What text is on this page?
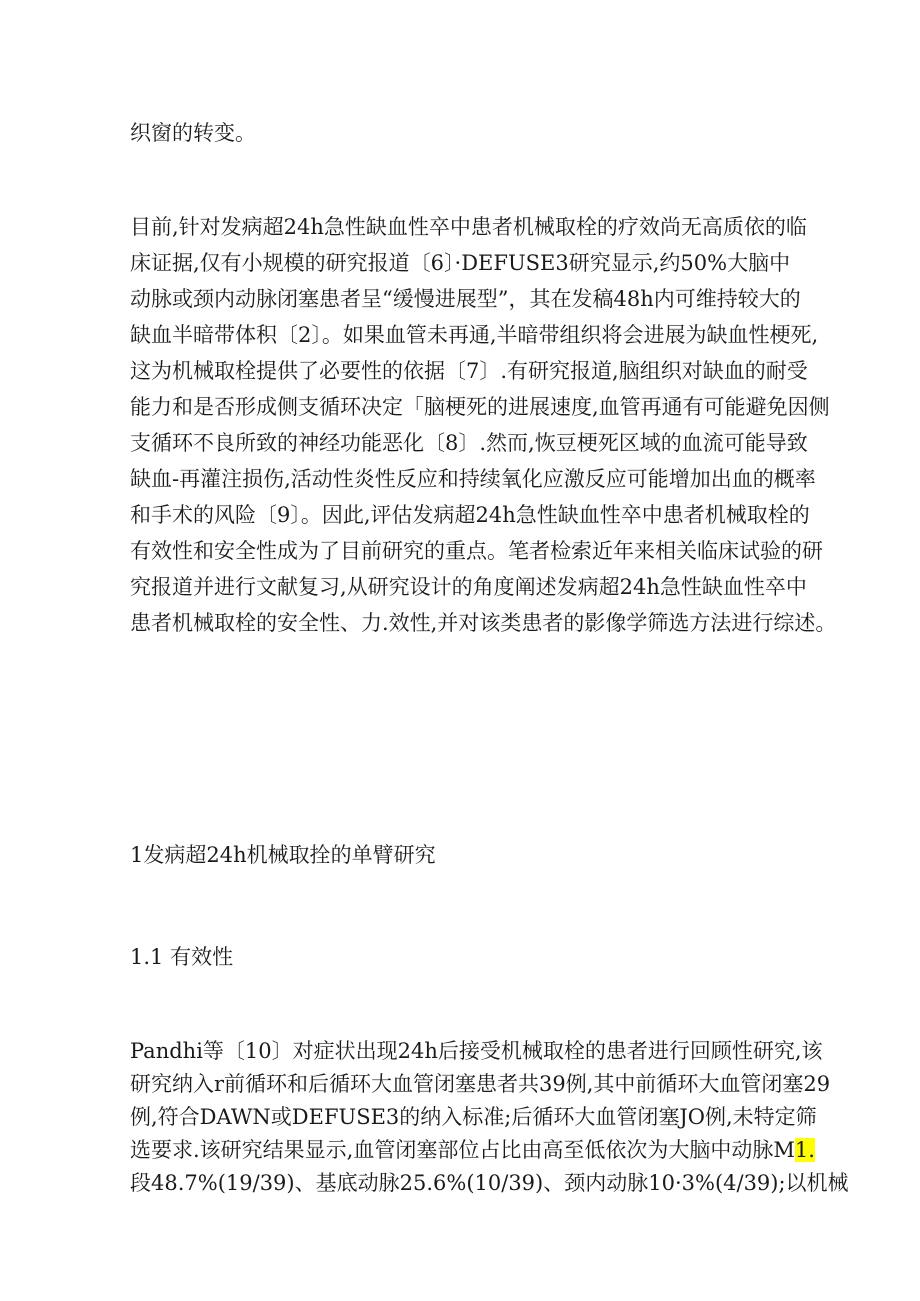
织窗的转变。
目前,针对发病超24h急性缺血性卒中患者机械取栓的疗效尚无高质依的临
床证据,仅有小规模的研究报道〔6〕·DEFUSE3研究显示,约50%大脑中
动脉或颈内动脉闭塞患者呈“缓慢进展型”，其在发稿48h内可维持较大的
缺血半暗带体积〔2〕。如果血管未再通,半暗带组织将会进展为缺血性梗死,
这为机械取栓提供了必要性的依据〔7〕.有研究报道,脑组织对缺血的耐受
能力和是否形成侧支循环决定「脑梗死的进展速度,血管再通有可能避免因侧
支循环不良所致的神经功能恶化〔8〕.然而,恢豆梗死区域的血流可能导致
缺血-再灌注损伤,活动性炎性反应和持续氧化应激反应可能增加出血的概率
和手术的风险〔9〕。因此,评估发病超24h急性缺血性卒中患者机械取栓的
有效性和安全性成为了目前研究的重点。笔者检索近年来相关临床试验的研
究报道并进行文献复习,从研究设计的角度阐述发病超24h急性缺血性卒中
患者机械取栓的安全性、力.效性,并对该类患者的影像学筛选方法进行综述。
1发病超24h机械取拴的单臂研究
1.1 有效性
Pandhi等〔10〕对症状出现24h后接受机械取栓的患者进行回顾性研究,该
研究纳入r前循环和后循环大血管闭塞患者共39例,其中前循环大血管闭塞29
例,符合DAWN或DEFUSE3的纳入标准;后循环大血管闭塞JO例,未特定筛
选要求.该研究结果显示,血管闭塞部位占比由高至低依次为大脑中动脉M1.
段48.7%(19/39)、基底动脉25.6%(10/39)、颈内动脉10·3%(4/39);以机械
